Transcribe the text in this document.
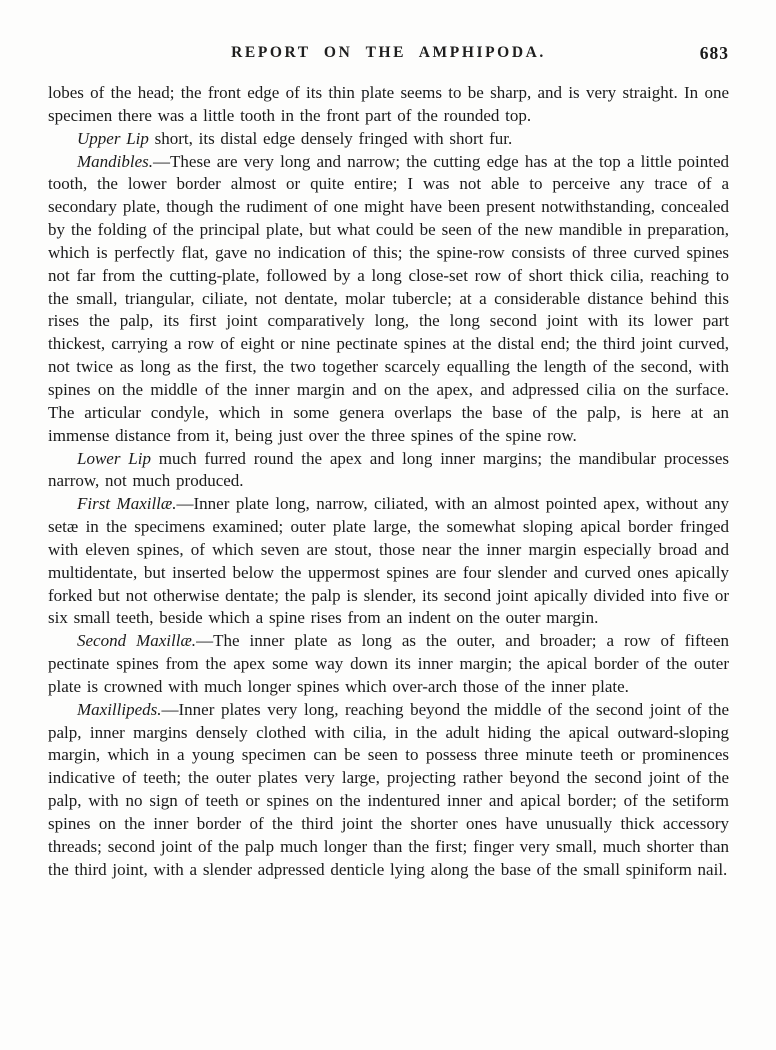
REPORT ON THE AMPHIPODA.	683

lobes of the head; the front edge of its thin plate seems to be sharp, and is very straight. In one specimen there was a little tooth in the front part of the rounded top.

Upper Lip short, its distal edge densely fringed with short fur.

Mandibles.—These are very long and narrow; the cutting edge has at the top a little pointed tooth, the lower border almost or quite entire; I was not able to perceive any trace of a secondary plate, though the rudiment of one might have been present notwithstanding, concealed by the folding of the principal plate, but what could be seen of the new mandible in preparation, which is perfectly flat, gave no indication of this; the spine-row consists of three curved spines not far from the cutting-plate, followed by a long close-set row of short thick cilia, reaching to the small, triangular, ciliate, not dentate, molar tubercle; at a considerable distance behind this rises the palp, its first joint comparatively long, the long second joint with its lower part thickest, carrying a row of eight or nine pectinate spines at the distal end; the third joint curved, not twice as long as the first, the two together scarcely equalling the length of the second, with spines on the middle of the inner margin and on the apex, and adpressed cilia on the surface. The articular condyle, which in some genera overlaps the base of the palp, is here at an immense distance from it, being just over the three spines of the spine row.

Lower Lip much furred round the apex and long inner margins; the mandibular processes narrow, not much produced.

First Maxillæ.—Inner plate long, narrow, ciliated, with an almost pointed apex, without any setæ in the specimens examined; outer plate large, the somewhat sloping apical border fringed with eleven spines, of which seven are stout, those near the inner margin especially broad and multidentate, but inserted below the uppermost spines are four slender and curved ones apically forked but not otherwise dentate; the palp is slender, its second joint apically divided into five or six small teeth, beside which a spine rises from an indent on the outer margin.

Second Maxillæ.—The inner plate as long as the outer, and broader; a row of fifteen pectinate spines from the apex some way down its inner margin; the apical border of the outer plate is crowned with much longer spines which over-arch those of the inner plate.

Maxillipeds.—Inner plates very long, reaching beyond the middle of the second joint of the palp, inner margins densely clothed with cilia, in the adult hiding the apical outward-sloping margin, which in a young specimen can be seen to possess three minute teeth or prominences indicative of teeth; the outer plates very large, projecting rather beyond the second joint of the palp, with no sign of teeth or spines on the indentured inner and apical border; of the setiform spines on the inner border of the third joint the shorter ones have unusually thick accessory threads; second joint of the palp much longer than the first; finger very small, much shorter than the third joint, with a slender adpressed denticle lying along the base of the small spiniform nail.
